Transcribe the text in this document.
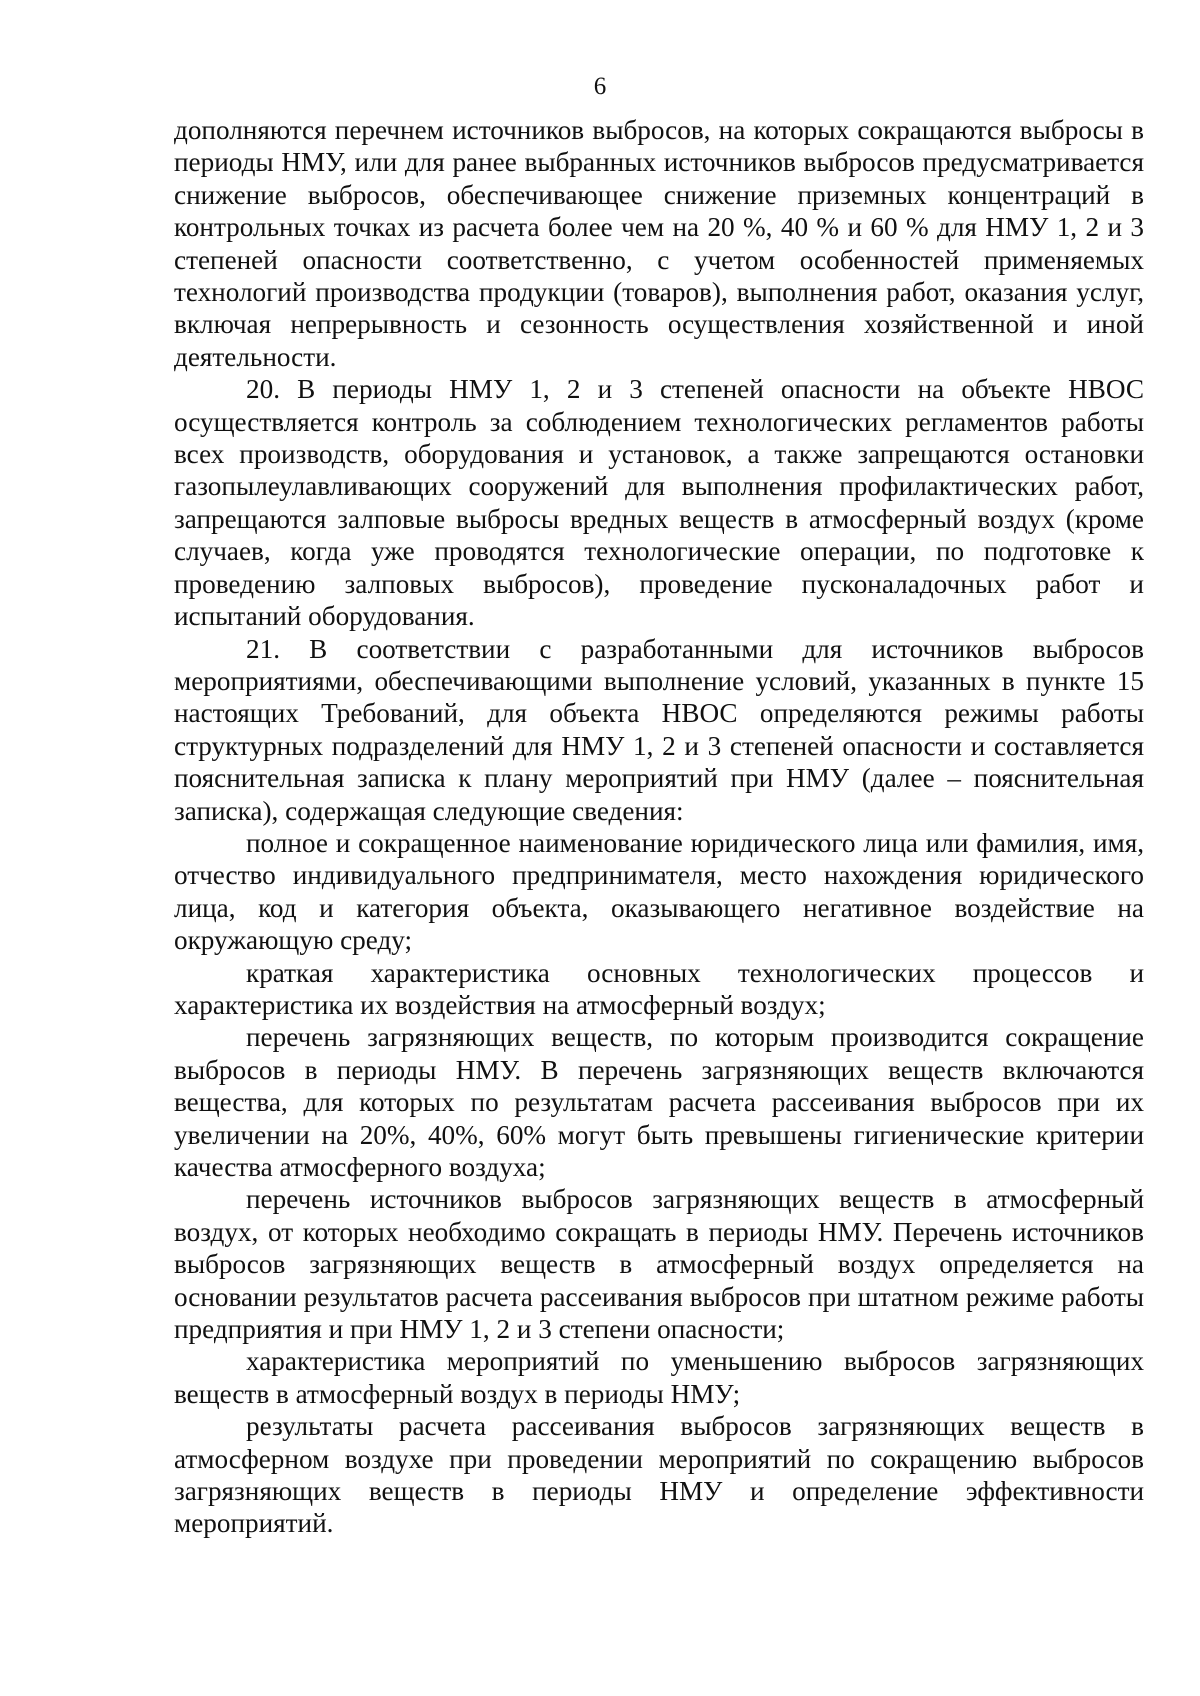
6

дополняются перечнем источников выбросов, на которых сокращаются выбросы в периоды НМУ, или для ранее выбранных источников выбросов предусматривается снижение выбросов, обеспечивающее снижение приземных концентраций в контрольных точках из расчета более чем на 20 %, 40 % и 60 % для НМУ 1, 2 и 3 степеней опасности соответственно, с учетом особенностей применяемых технологий производства продукции (товаров), выполнения работ, оказания услуг, включая непрерывность и сезонность осуществления хозяйственной и иной деятельности.

20. В периоды НМУ 1, 2 и 3 степеней опасности на объекте НВОС осуществляется контроль за соблюдением технологических регламентов работы всех производств, оборудования и установок, а также запрещаются остановки газопылеулавливающих сооружений для выполнения профилактических работ, запрещаются залповые выбросы вредных веществ в атмосферный воздух (кроме случаев, когда уже проводятся технологические операции, по подготовке к проведению залповых выбросов), проведение пусконаладочных работ и испытаний оборудования.

21. В соответствии с разработанными для источников выбросов мероприятиями, обеспечивающими выполнение условий, указанных в пункте 15 настоящих Требований, для объекта НВОС определяются режимы работы структурных подразделений для НМУ 1, 2 и 3 степеней опасности и составляется пояснительная записка к плану мероприятий при НМУ (далее – пояснительная записка), содержащая следующие сведения:

полное и сокращенное наименование юридического лица или фамилия, имя, отчество индивидуального предпринимателя, место нахождения юридического лица, код и категория объекта, оказывающего негативное воздействие на окружающую среду;

краткая характеристика основных технологических процессов и характеристика их воздействия на атмосферный воздух;

перечень загрязняющих веществ, по которым производится сокращение выбросов в периоды НМУ. В перечень загрязняющих веществ включаются вещества, для которых по результатам расчета рассеивания выбросов при их увеличении на 20%, 40%, 60% могут быть превышены гигиенические критерии качества атмосферного воздуха;

перечень источников выбросов загрязняющих веществ в атмосферный воздух, от которых необходимо сокращать в периоды НМУ. Перечень источников выбросов загрязняющих веществ в атмосферный воздух определяется на основании результатов расчета рассеивания выбросов при штатном режиме работы предприятия и при НМУ 1, 2 и 3 степени опасности;

характеристика мероприятий по уменьшению выбросов загрязняющих веществ в атмосферный воздух в периоды НМУ;

результаты расчета рассеивания выбросов загрязняющих веществ в атмосферном воздухе при проведении мероприятий по сокращению выбросов загрязняющих веществ в периоды НМУ и определение эффективности мероприятий.
